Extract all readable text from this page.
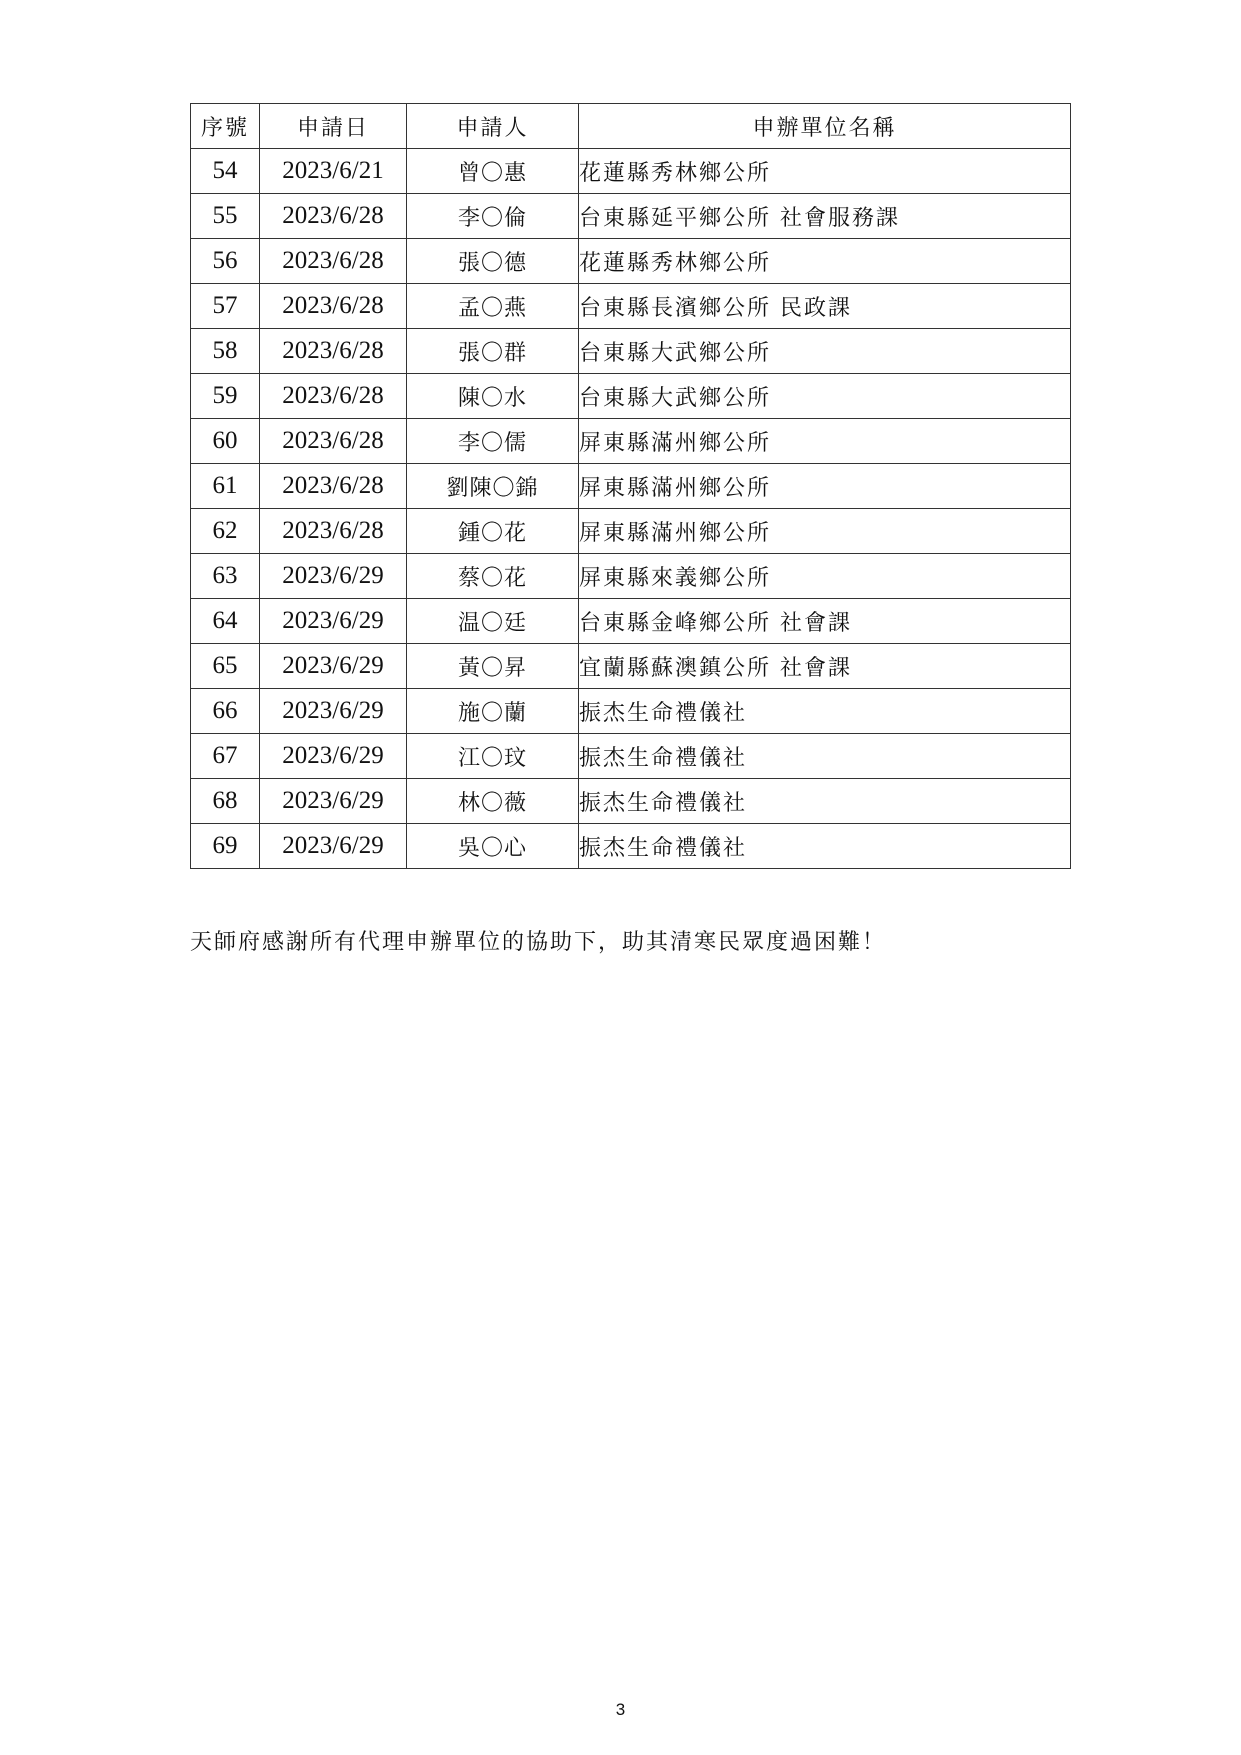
序號	申請日	申請人	申辦單位名稱
54	2023/6/21	曾〇惠	花蓮縣秀林鄉公所
55	2023/6/28	李〇倫	台東縣延平鄉公所 社會服務課
56	2023/6/28	張〇德	花蓮縣秀林鄉公所
57	2023/6/28	孟〇燕	台東縣長濱鄉公所 民政課
58	2023/6/28	張〇群	台東縣大武鄉公所
59	2023/6/28	陳〇水	台東縣大武鄉公所
60	2023/6/28	李〇儒	屏東縣滿州鄉公所
61	2023/6/28	劉陳〇錦	屏東縣滿州鄉公所
62	2023/6/28	鍾〇花	屏東縣滿州鄉公所
63	2023/6/29	蔡〇花	屏東縣來義鄉公所
64	2023/6/29	温〇廷	台東縣金峰鄉公所 社會課
65	2023/6/29	黃〇昇	宜蘭縣蘇澳鎮公所 社會課
66	2023/6/29	施〇蘭	振杰生命禮儀社
67	2023/6/29	江〇玟	振杰生命禮儀社
68	2023/6/29	林〇薇	振杰生命禮儀社
69	2023/6/29	吳〇心	振杰生命禮儀社

天師府感謝所有代理申辦單位的協助下，助其清寒民眾度過困難！

3
